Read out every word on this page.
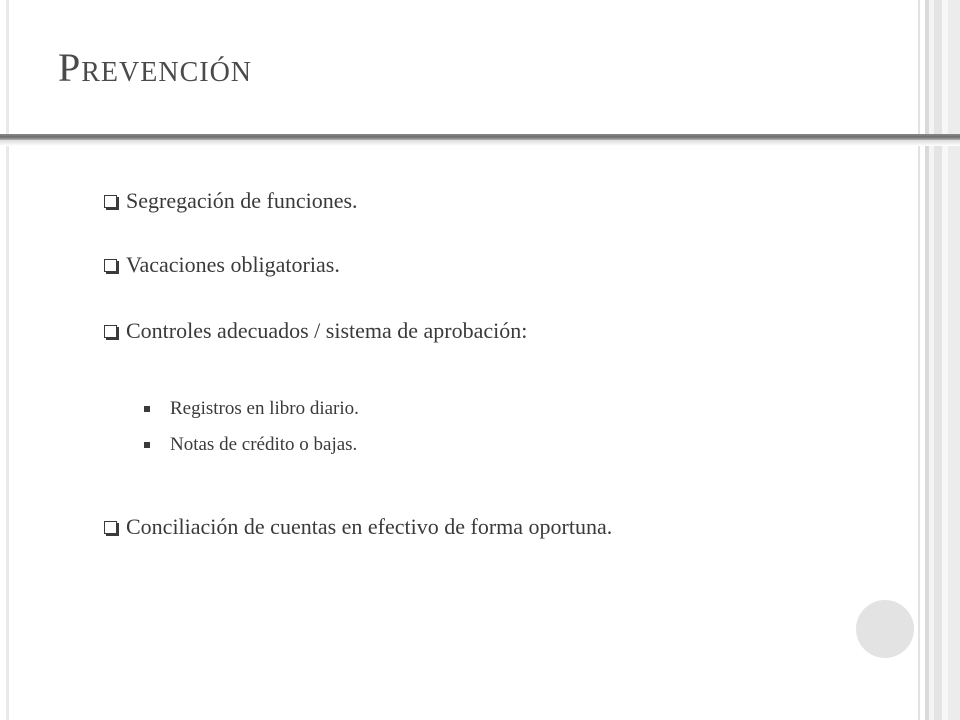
Prevención
Segregación de funciones.
Vacaciones obligatorias.
Controles adecuados / sistema de aprobación:
Registros en libro diario.
Notas de crédito o bajas.
Conciliación de cuentas en efectivo de forma oportuna.
